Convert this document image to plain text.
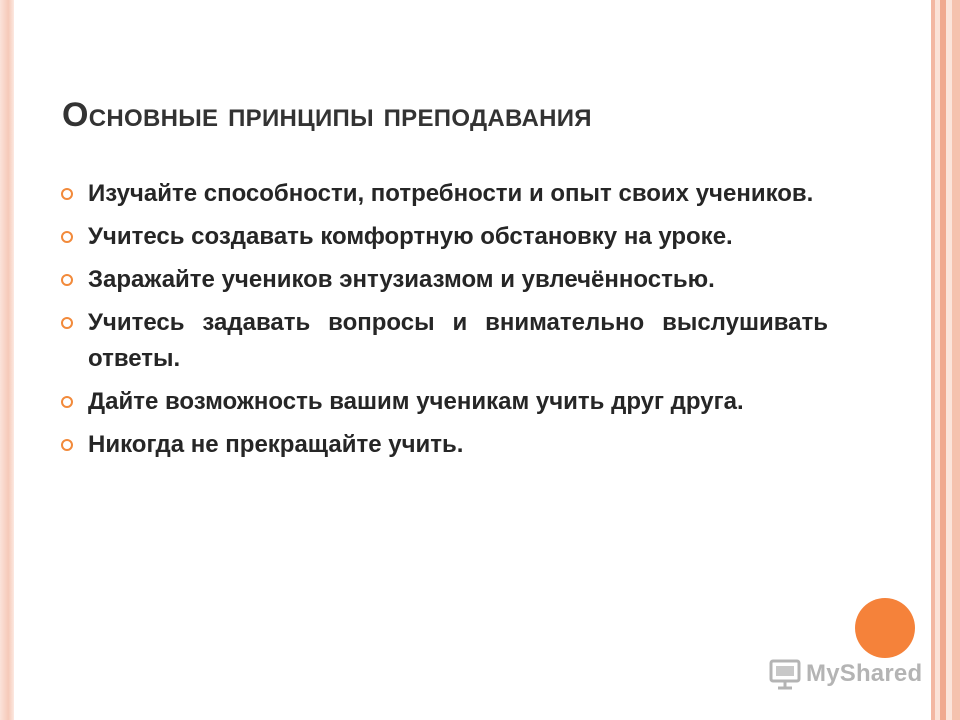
Основные принципы преподавания
Изучайте способности, потребности и опыт своих учеников.
Учитесь создавать комфортную обстановку на уроке.
Заражайте учеников энтузиазмом и увлечённостью.
Учитесь задавать вопросы и внимательно выслушивать ответы.
Дайте возможность вашим ученикам учить друг друга.
Никогда не прекращайте учить.
MyShared
